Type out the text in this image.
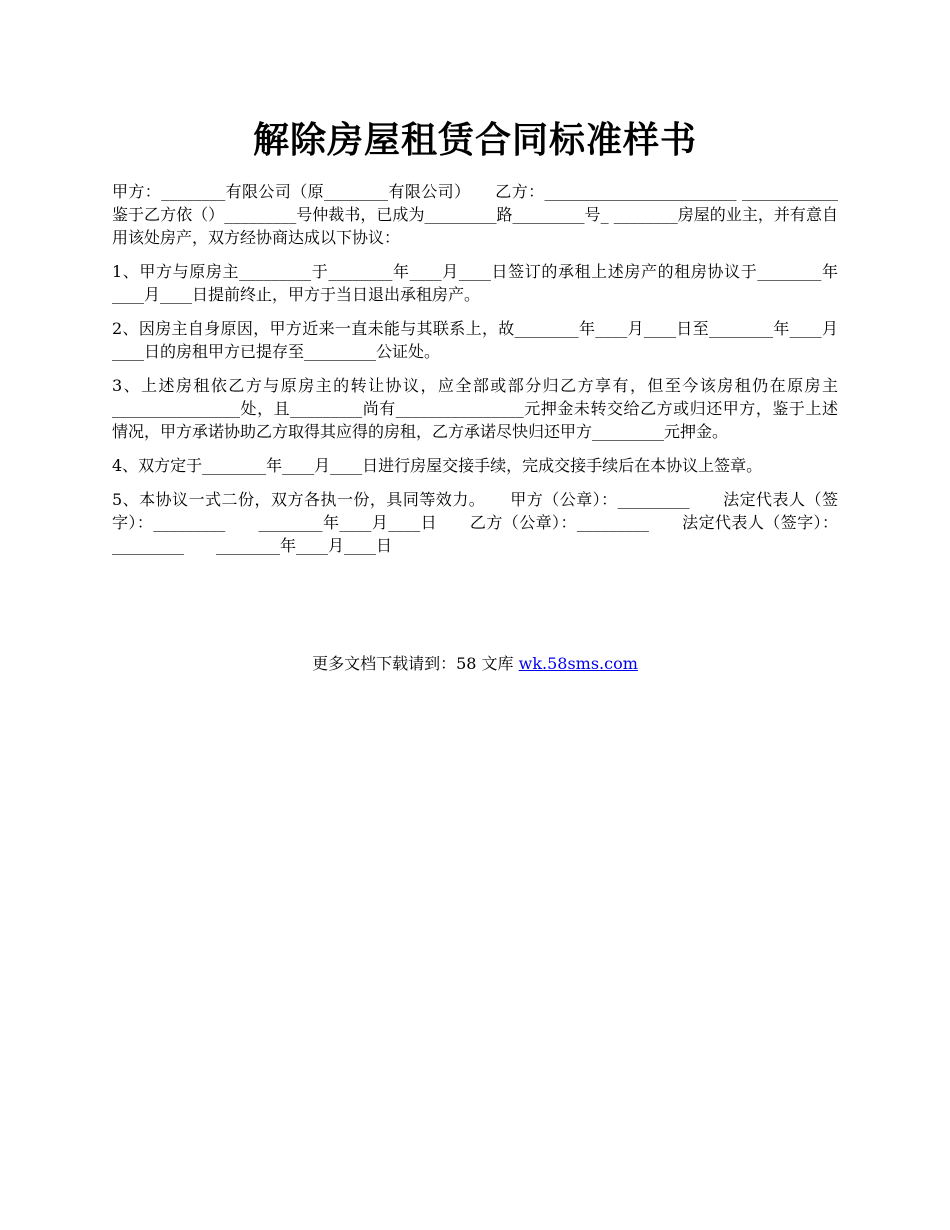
解除房屋租赁合同标准样书

甲方：________有限公司（原________有限公司）　　乙方：________________________ ____________　　鉴于乙方依（）_________号仲裁书，已成为_________路_________号_ ________房屋的业主，并有意自用该处房产，双方经协商达成以下协议：

1、甲方与原房主_________于________年____月____日签订的承租上述房产的租房协议于________年____月____日提前终止，甲方于当日退出承租房产。

2、因房主自身原因，甲方近来一直未能与其联系上，故________年____月____日至________年____月____日的房租甲方已提存至_________公证处。

3、上述房租依乙方与原房主的转让协议，应全部或部分归乙方享有，但至今该房租仍在原房主________________处，且_________尚有________________元押金未转交给乙方或归还甲方，鉴于上述情况，甲方承诺协助乙方取得其应得的房租，乙方承诺尽快归还甲方_________元押金。

4、双方定于________年____月____日进行房屋交接手续，完成交接手续后在本协议上签章。

5、本协议一式二份，双方各执一份，具同等效力。　　甲方（公章）：_________　　法定代表人（签字）：_________　　________年____月____日　　乙方（公章）：_________　　法定代表人（签字）：_________　　________年____月____日

更多文档下载请到：58 文库 wk.58sms.com
